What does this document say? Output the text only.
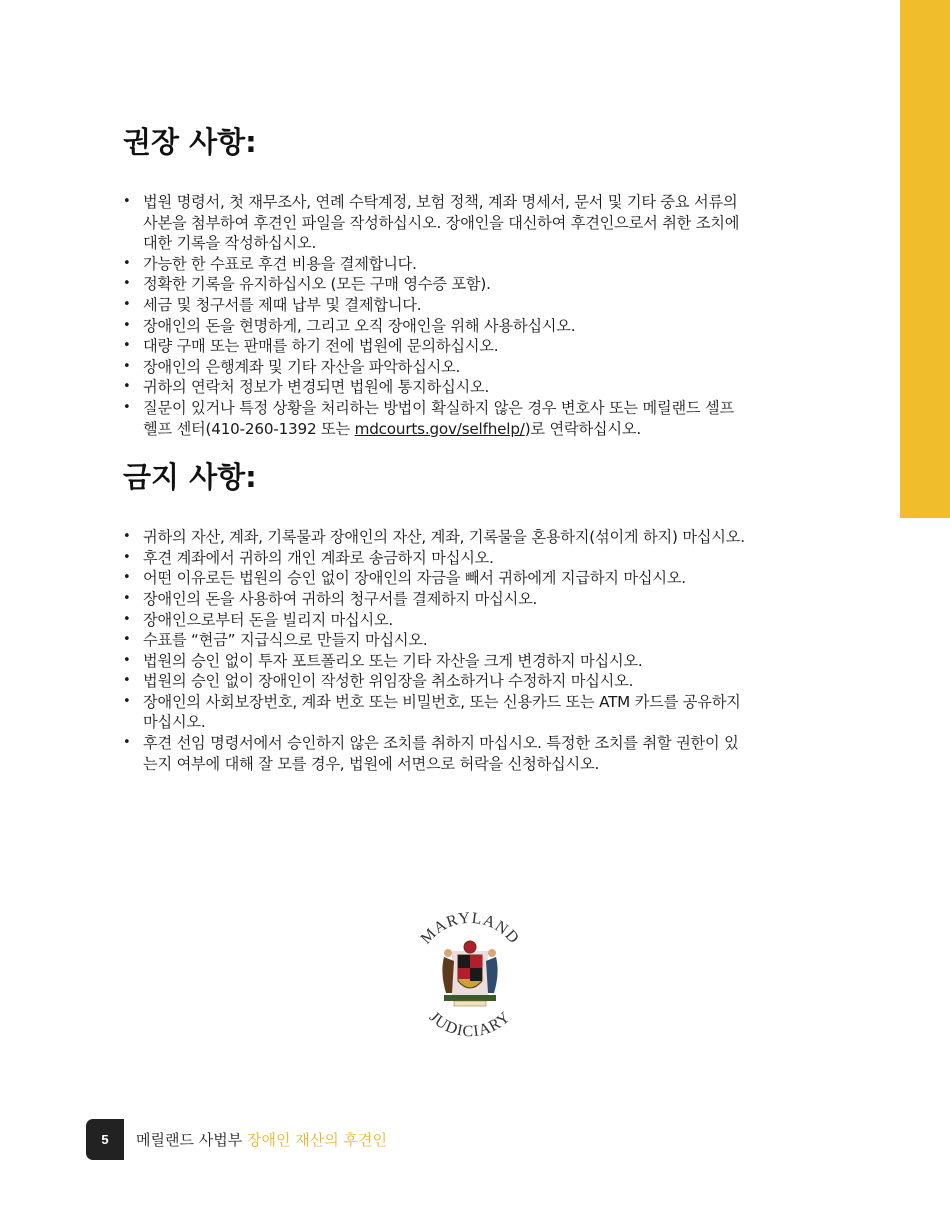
권장 사항:
• 법원 명령서, 첫 재무조사, 연례 수탁계정, 보험 정책, 계좌 명세서, 문서 및 기타 중요 서류의 사본을 첨부하여 후견인 파일을 작성하십시오. 장애인을 대신하여 후견인으로서 취한 조치에 대한 기록을 작성하십시오.
• 가능한 한 수표로 후견 비용을 결제합니다.
• 정확한 기록을 유지하십시오 (모든 구매 영수증 포함).
• 세금 및 청구서를 제때 납부 및 결제합니다.
• 장애인의 돈을 현명하게, 그리고 오직 장애인을 위해 사용하십시오.
• 대량 구매 또는 판매를 하기 전에 법원에 문의하십시오.
• 장애인의 은행계좌 및 기타 자산을 파악하십시오.
• 귀하의 연락처 정보가 변경되면 법원에 통지하십시오.
• 질문이 있거나 특정 상황을 처리하는 방법이 확실하지 않은 경우 변호사 또는 메릴랜드 셀프 헬프 센터(410-260-1392 또는 mdcourts.gov/selfhelp/)로 연락하십시오.
금지 사항:
• 귀하의 자산, 계좌, 기록물과 장애인의 자산, 계좌, 기록물을 혼용하지(섞이게 하지) 마십시오.
• 후견 계좌에서 귀하의 개인 계좌로 송금하지 마십시오.
• 어떤 이유로든 법원의 승인 없이 장애인의 자금을 빼서 귀하에게 지급하지 마십시오.
• 장애인의 돈을 사용하여 귀하의 청구서를 결제하지 마십시오.
• 장애인으로부터 돈을 빌리지 마십시오.
• 수표를 “현금” 지급식으로 만들지 마십시오.
• 법원의 승인 없이 투자 포트폴리오 또는 기타 자산을 크게 변경하지 마십시오.
• 법원의 승인 없이 장애인이 작성한 위임장을 취소하거나 수정하지 마십시오.
• 장애인의 사회보장번호, 계좌 번호 또는 비밀번호, 또는 신용카드 또는 ATM 카드를 공유하지 마십시오.
• 후견 선임 명령서에서 승인하지 않은 조치를 취하지 마십시오. 특정한 조치를 취할 권한이 있는지 여부에 대해 잘 모를 경우, 법원에 서면으로 허락을 신청하십시오.
MARYLAND
JUDICIARY
5	메릴랜드 사법부 장애인 재산의 후견인
